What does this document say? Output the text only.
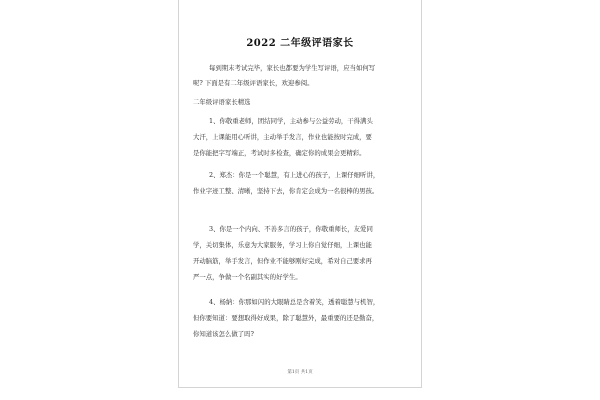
2022 二年级评语家长
每到期末考试完毕，家长也都要为学生写评语，应当如何写
呢? 下面是有二年级评语家长，欢迎参阅。
二年级评语家长精选
1、你敬重老师，团结同学，主动参与公益劳动，干得满头
大汗，上课能用心听讲，主动举手发言，作业也能按时完成，要
是你能把字写端正，考试时多检查，确定你的成果会更精彩。
2、郑杰：你是一个聪慧，有上进心的孩子，上课仔细听讲，
作业字迹工整、清晰，坚持下去，你肯定会成为一名很棒的男孩。
3、你是一个内向、不善多言的孩子，你敬重师长，友爱同
学，关切集体，乐意为大家服务，学习上你自觉仔细，上课也能
开动脑筋，举手发言，但作业不能够刚好完成，希对自己要求再
严一点，争做一个名副其实的好学生。
4、杨納：你那如闪的大眼睛总是含着笑，透着聪慧与机智，
但你要知道：要想取得好成果，除了聪慧外，最重要的还是勤奋，
你知道该怎么做了吗?
第1页 共1页
